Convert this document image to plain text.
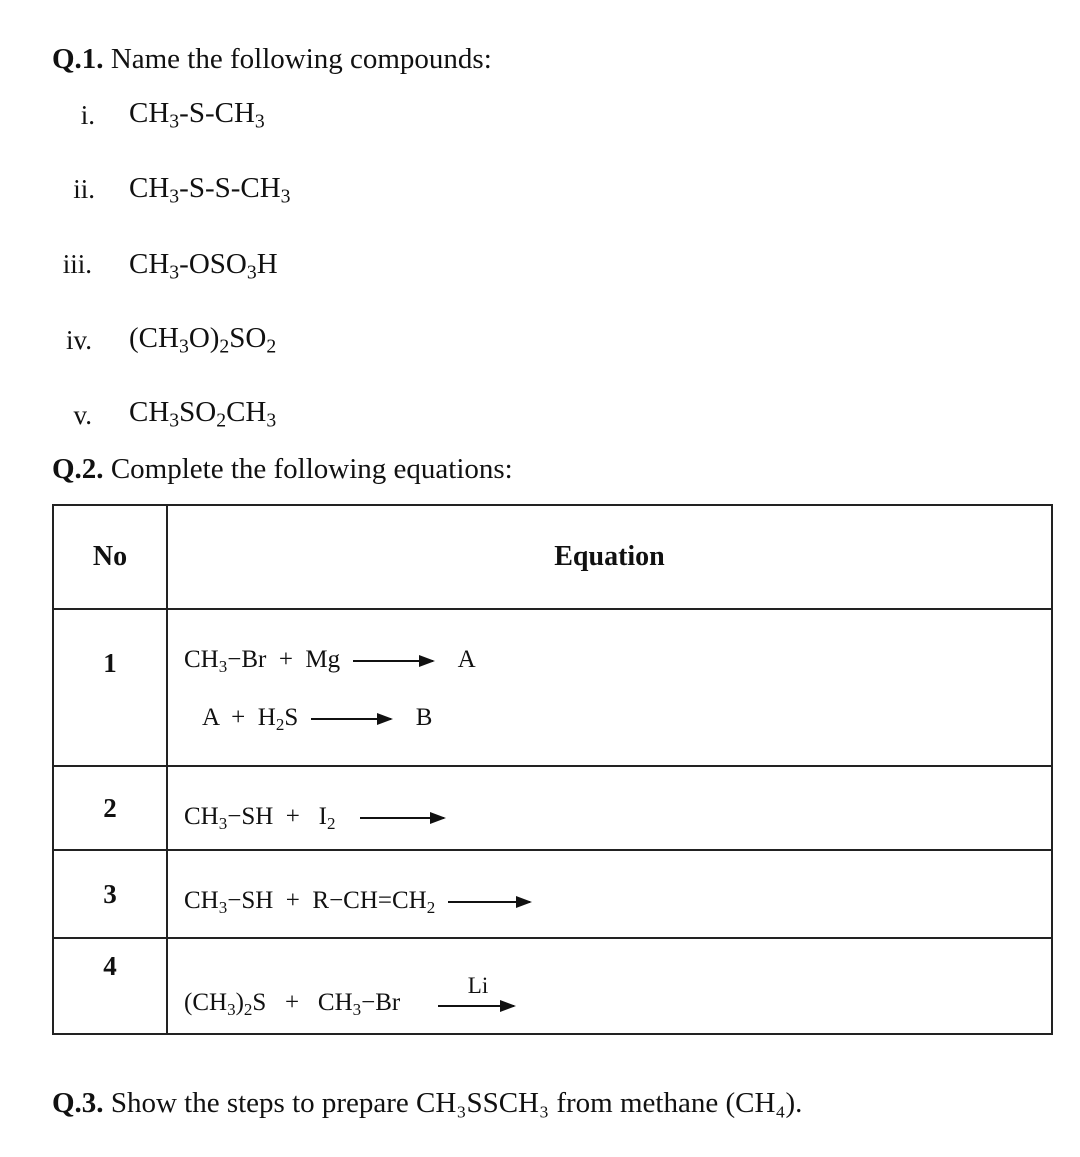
Q.1. Name the following compounds:
i. $CH_3-S-CH_3$
ii. $CH_3-S-S-CH_3$
iii. $CH_3-OSO_3H$
iv. $(CH_3O)_2SO_2$
v. $CH_3SO_2CH_3$
Q.2. Complete the following equations:
No	Equation

1	$CH_3-Br + Mg \to A$
$A + H_2S \to B$

2	$CH_3-SH + I_2$ →

3	$CH_3-SH + R-CH=CH_2$ →

4	$(CH_3)_2S + CH_3-Br$
Li
Q.3. Show the steps to prepare CH₃SSCH₃ from methane (CH₄).
